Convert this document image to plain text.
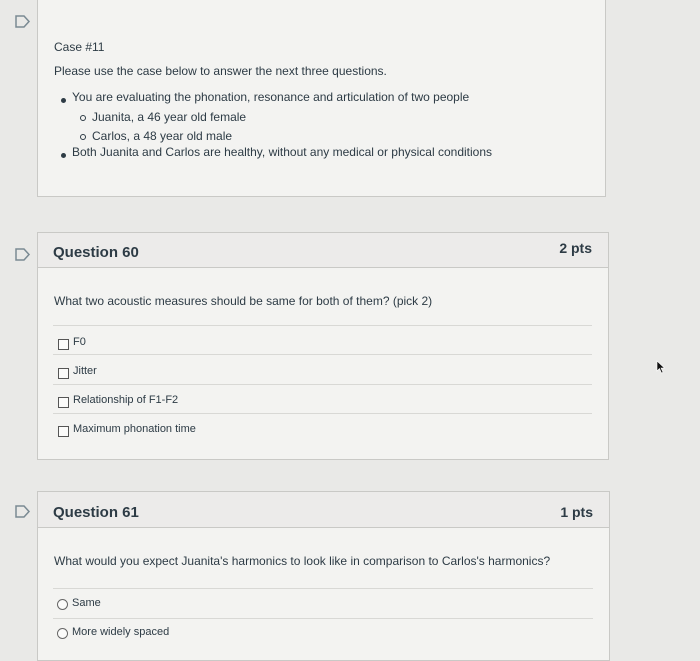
Case #11
Please use the case below to answer the next three questions.
You are evaluating the phonation, resonance and articulation of two people
Juanita, a 46 year old female
Carlos, a 48 year old male
Both Juanita and Carlos are healthy, without any medical or physical conditions
Question 60	2 pts
What two acoustic measures should be same for both of them? (pick 2)
F0
Jitter
Relationship of F1-F2
Maximum phonation time
Question 61	1 pts
What would you expect Juanita's harmonics to look like in comparison to Carlos's harmonics?
Same
More widely spaced
